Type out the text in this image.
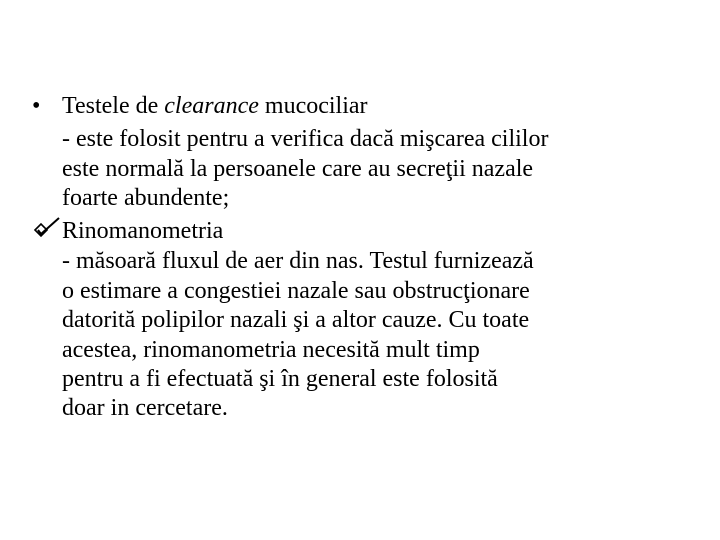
• Testele de clearance mucociliar
- este folosit pentru a verifica dacă mişcarea cililor
este normală la persoanele care au secreţii nazale
foarte abundente;
Rinomanometria
- măsoară fluxul de aer din nas. Testul furnizează
o estimare a congestiei nazale sau obstrucţionare
datorită polipilor nazali şi a altor cauze. Cu toate
acestea, rinomanometria necesită mult timp
pentru a fi efectuată şi în general este folosită
doar in cercetare.
